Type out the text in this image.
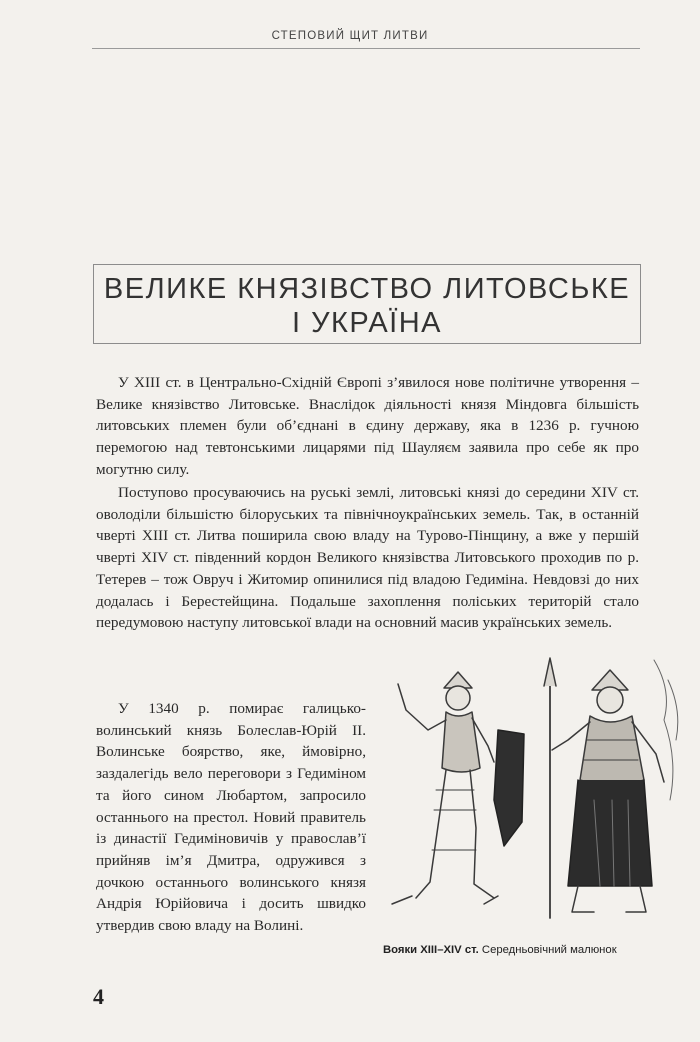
СТЕПОВИЙ ЩИТ ЛИТВИ
ВЕЛИКЕ КНЯЗІВСТВО ЛИТОВСЬКЕ
І УКРАЇНА

У XIII ст. в Центрально-Східній Європі з’явилося нове політичне утворення – Велике князівство Литовське. Внаслідок діяльності князя Міндовга більшість литовських племен були об’єднані в єдину державу, яка в 1236 р. гучною перемогою над тевтонськими лицарями під Шауляєм заявила про себе як про могутню силу.

Поступово просуваючись на руські землі, литовські князі до середини XIV ст. оволоділи більшістю білоруських та північноукраїнських земель. Так, в останній чверті XIII ст. Литва поширила свою владу на Турово-Пінщину, а вже у першій чверті XIV ст. південний кордон Великого князівства Литовського проходив по р. Тетерев – тож Овруч і Житомир опинилися під владою Гедиміна. Невдовзі до них додалась і Берестейщина. Подальше захоплення поліських територій стало передумовою наступу литовської влади на основний масив українських земель.

У 1340 р. помирає галицько-волинський князь Болеслав-Юрій ІІ. Волинське боярство, яке, ймовірно, заздалегідь вело переговори з Гедиміном та його сином Любартом, запросило останнього на престол. Новий правитель із династії Гедиміновичів у православ’ї прийняв ім’я Дмитра, одружився з дочкою останнього волинського князя Андрія Юрійовича і досить швидко утвердив свою владу на Волині.

Вояки XIII–XIV ст. Середньовічний малюнок
4
